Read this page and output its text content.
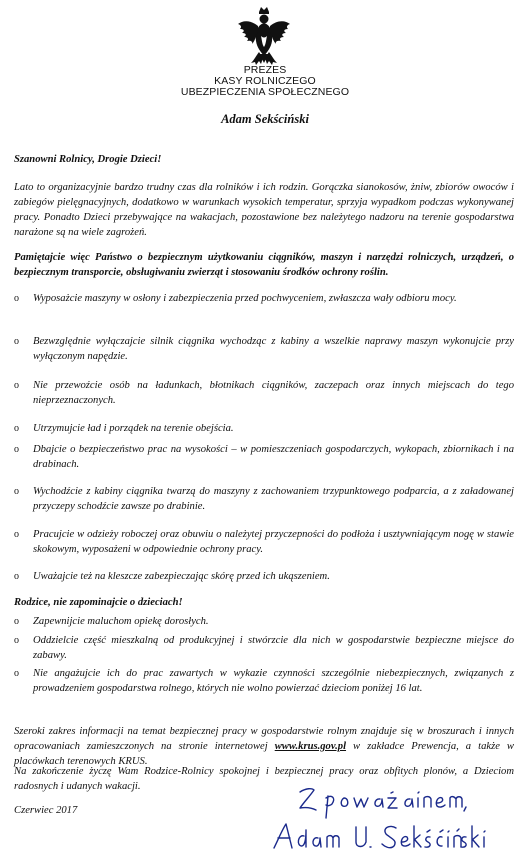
PREZES
KASY ROLNICZEGO
UBEZPIECZENIA SPOŁECZNEGO
Adam Sekściński
Szanowni Rolnicy, Drogie Dzieci!
Lato to organizacyjnie bardzo trudny czas dla rolników i ich rodzin. Gorączka sianokosów, żniw, zbiorów owoców i zabiegów pielęgnacyjnych, dodatkowo w warunkach wysokich temperatur, sprzyja wypadkom podczas wykonywanej pracy. Ponadto Dzieci przebywające na wakacjach, pozostawione bez należytego nadzoru na terenie gospodarstwa narażone są na wiele zagrożeń.
Pamiętajcie więc Państwo o bezpiecznym użytkowaniu ciągników, maszyn i narzędzi rolniczych, urządzeń, o bezpiecznym transporcie, obsługiwaniu zwierząt i stosowaniu środków ochrony roślin.
o Wyposażcie maszyny w osłony i zabezpieczenia przed pochwyceniem, zwłaszcza wały odbioru mocy.
o Bezwzględnie wyłączajcie silnik ciągnika wychodząc z kabiny a wszelkie naprawy maszyn wykonujcie przy wyłączonym napędzie.
o Nie przewoźcie osób na ładunkach, błotnikach ciągników, zaczepach oraz innych miejscach do tego nieprzeznaczonych.
o Utrzymujcie ład i porządek na terenie obejścia.
o Dbajcie o bezpieczeństwo prac na wysokości – w pomieszczeniach gospodarczych, wykopach, zbiornikach i na drabinach.
o Wychodźcie z kabiny ciągnika twarzą do maszyny z zachowaniem trzypunktowego podparcia, a z załadowanej przyczepy schodźcie zawsze po drabinie.
o Pracujcie w odzieży roboczej oraz obuwiu o należytej przyczepności do podłoża i usztywniającym nogę w stawie skokowym, wyposażeni w odpowiednie ochrony pracy.
o Uważajcie też na kleszcze zabezpieczając skórę przed ich ukąszeniem.
Rodzice, nie zapominajcie o dzieciach!
o Zapewnijcie maluchom opiekę dorosłych.
o Oddzielcie część mieszkalną od produkcyjnej i stwórzcie dla nich w gospodarstwie bezpieczne miejsce do zabawy.
o Nie angażujcie ich do prac zawartych w wykazie czynności szczególnie niebezpiecznych, związanych z prowadzeniem gospodarstwa rolnego, których nie wolno powierzać dzieciom poniżej 16 lat.
Szeroki zakres informacji na temat bezpiecznej pracy w gospodarstwie rolnym znajduje się w broszurach i innych opracowaniach zamieszczonych na stronie internetowej www.krus.gov.pl w zakładce Prewencja, a także w placówkach terenowych KRUS.
Na zakończenie życzę Wam Rodzice-Rolnicy spokojnej i bezpiecznej pracy oraz obfitych plonów, a Dzieciom radosnych i udanych wakacji.
Czerwiec 2017
